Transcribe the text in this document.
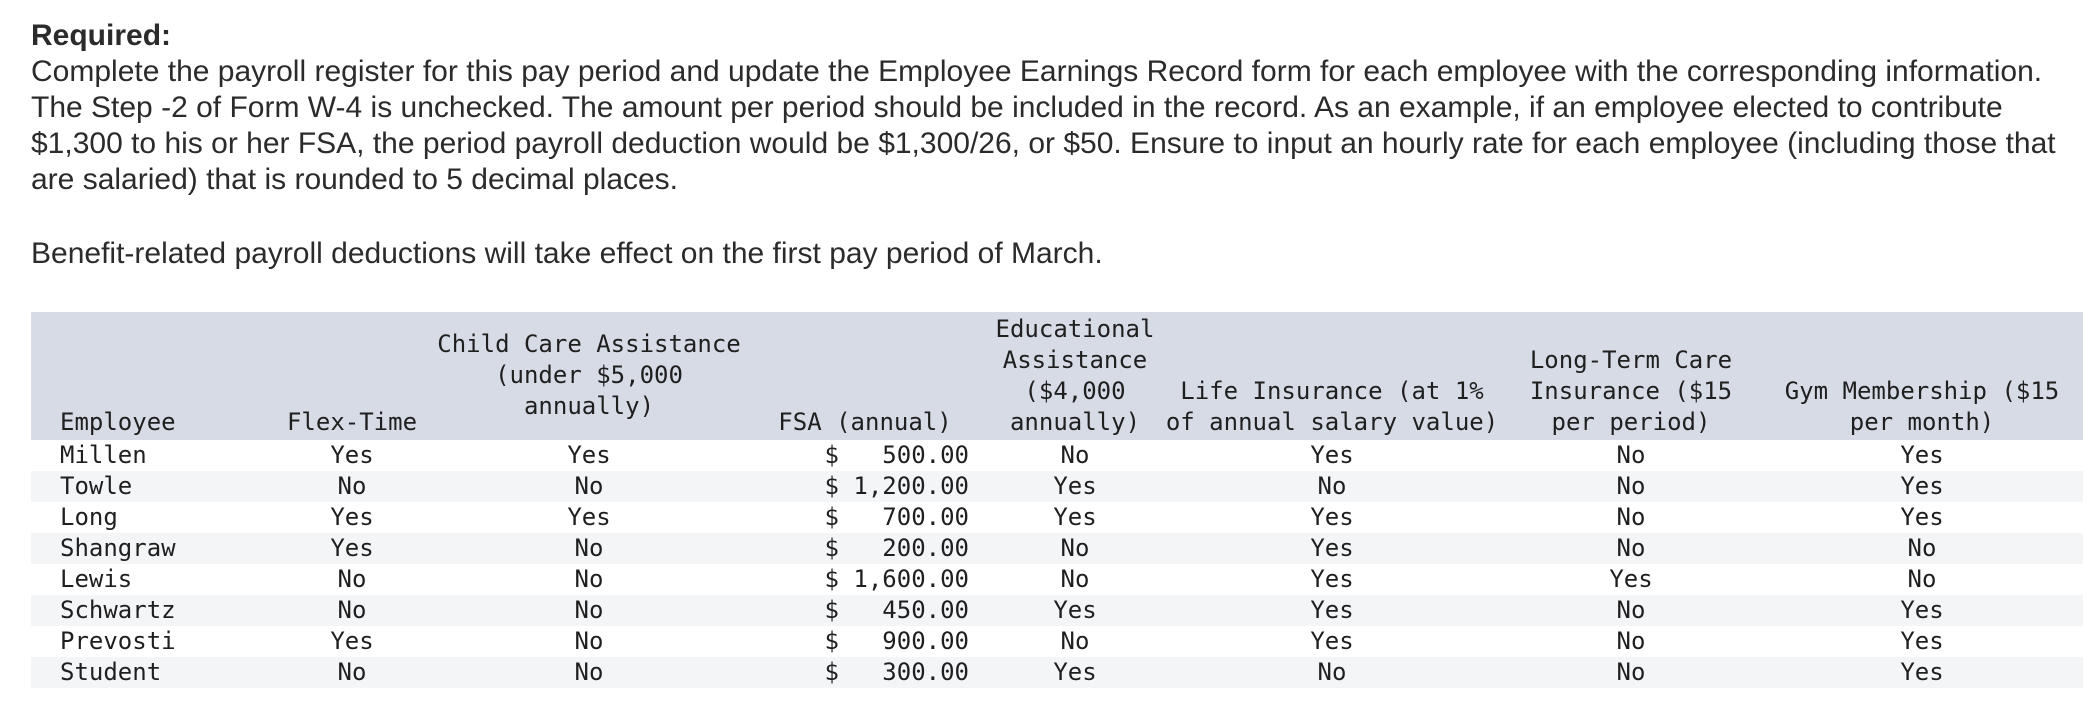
Required:
Complete the payroll register for this pay period and update the Employee Earnings Record form for each employee with the corresponding information. The Step -2 of Form W-4 is unchecked. The amount per period should be included in the record. As an example, if an employee elected to contribute $1,300 to his or her FSA, the period payroll deduction would be $1,300/26, or $50. Ensure to input an hourly rate for each employee (including those that are salaried) that is rounded to 5 decimal places.
Benefit-related payroll deductions will take effect on the first pay period of March.
Employee	Flex-Time	Child Care Assistance (under $5,000 annually)	FSA (annual)	Educational Assistance ($4,000 annually)	Life Insurance (at 1% of annual salary value)	Long-Term Care Insurance ($15 per period)	Gym Membership ($15 per month)
Millen	Yes	Yes	$   500.00	No	Yes	No	Yes
Towle	No	No	$ 1,200.00	Yes	No	No	Yes
Long	Yes	Yes	$   700.00	Yes	Yes	No	Yes
Shangraw	Yes	No	$   200.00	No	Yes	No	No
Lewis	No	No	$ 1,600.00	No	Yes	Yes	No
Schwartz	No	No	$   450.00	Yes	Yes	No	Yes
Prevosti	Yes	No	$   900.00	No	Yes	No	Yes
Student	No	No	$   300.00	Yes	No	No	Yes
